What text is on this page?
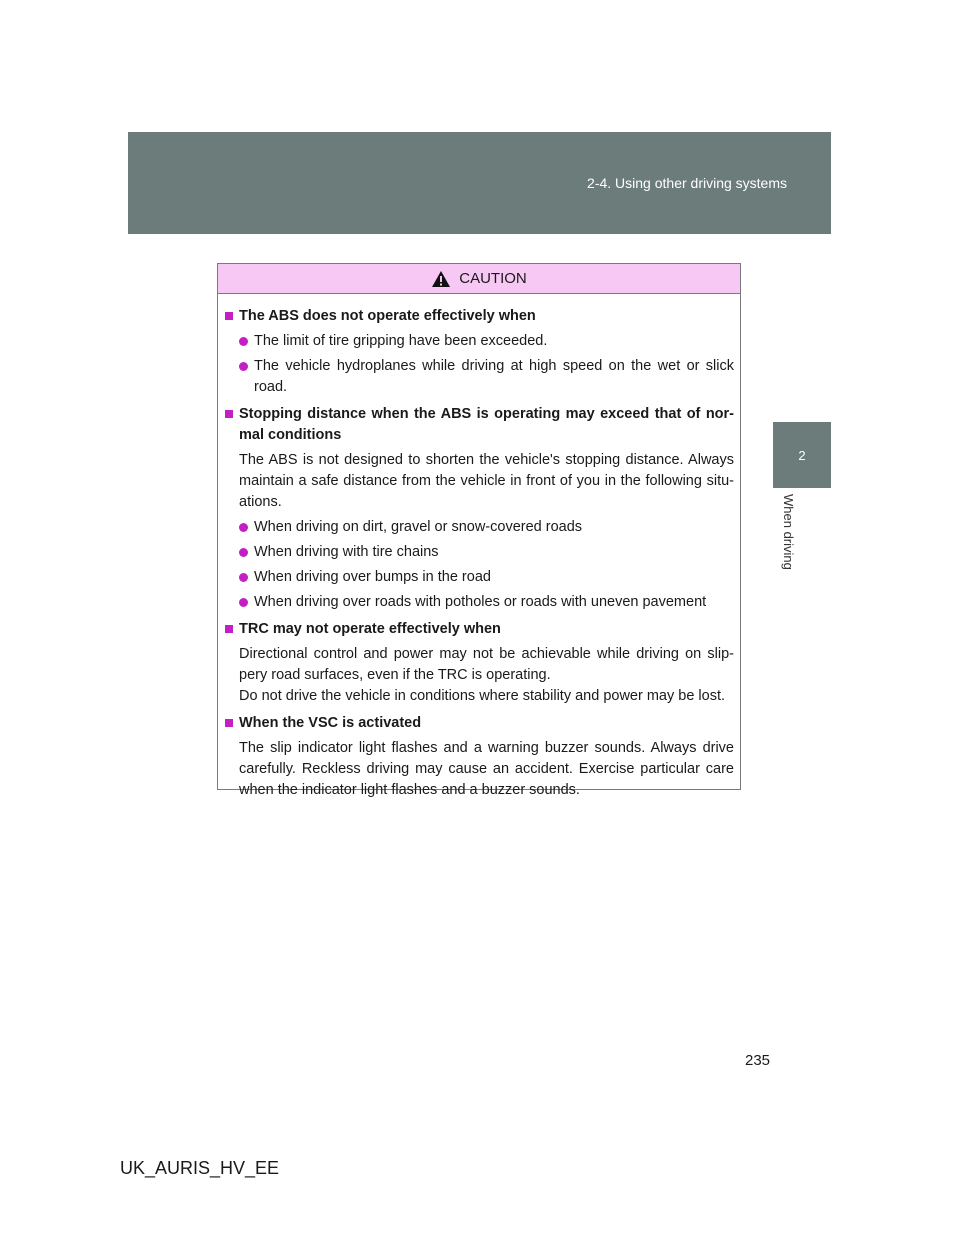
2-4. Using other driving systems
2
When driving
CAUTION
The ABS does not operate effectively when
The limit of tire gripping have been exceeded.
The vehicle hydroplanes while driving at high speed on the wet or slick road.
Stopping distance when the ABS is operating may exceed that of nor-mal conditions
The ABS is not designed to shorten the vehicle's stopping distance. Always maintain a safe distance from the vehicle in front of you in the following situ-ations.
When driving on dirt, gravel or snow-covered roads
When driving with tire chains
When driving over bumps in the road
When driving over roads with potholes or roads with uneven pavement
TRC may not operate effectively when
Directional control and power may not be achievable while driving on slip-pery road surfaces, even if the TRC is operating.
Do not drive the vehicle in conditions where stability and power may be lost.
When the VSC is activated
The slip indicator light flashes and a warning buzzer sounds. Always drive carefully. Reckless driving may cause an accident. Exercise particular care when the indicator light flashes and a buzzer sounds.
235
UK_AURIS_HV_EE
